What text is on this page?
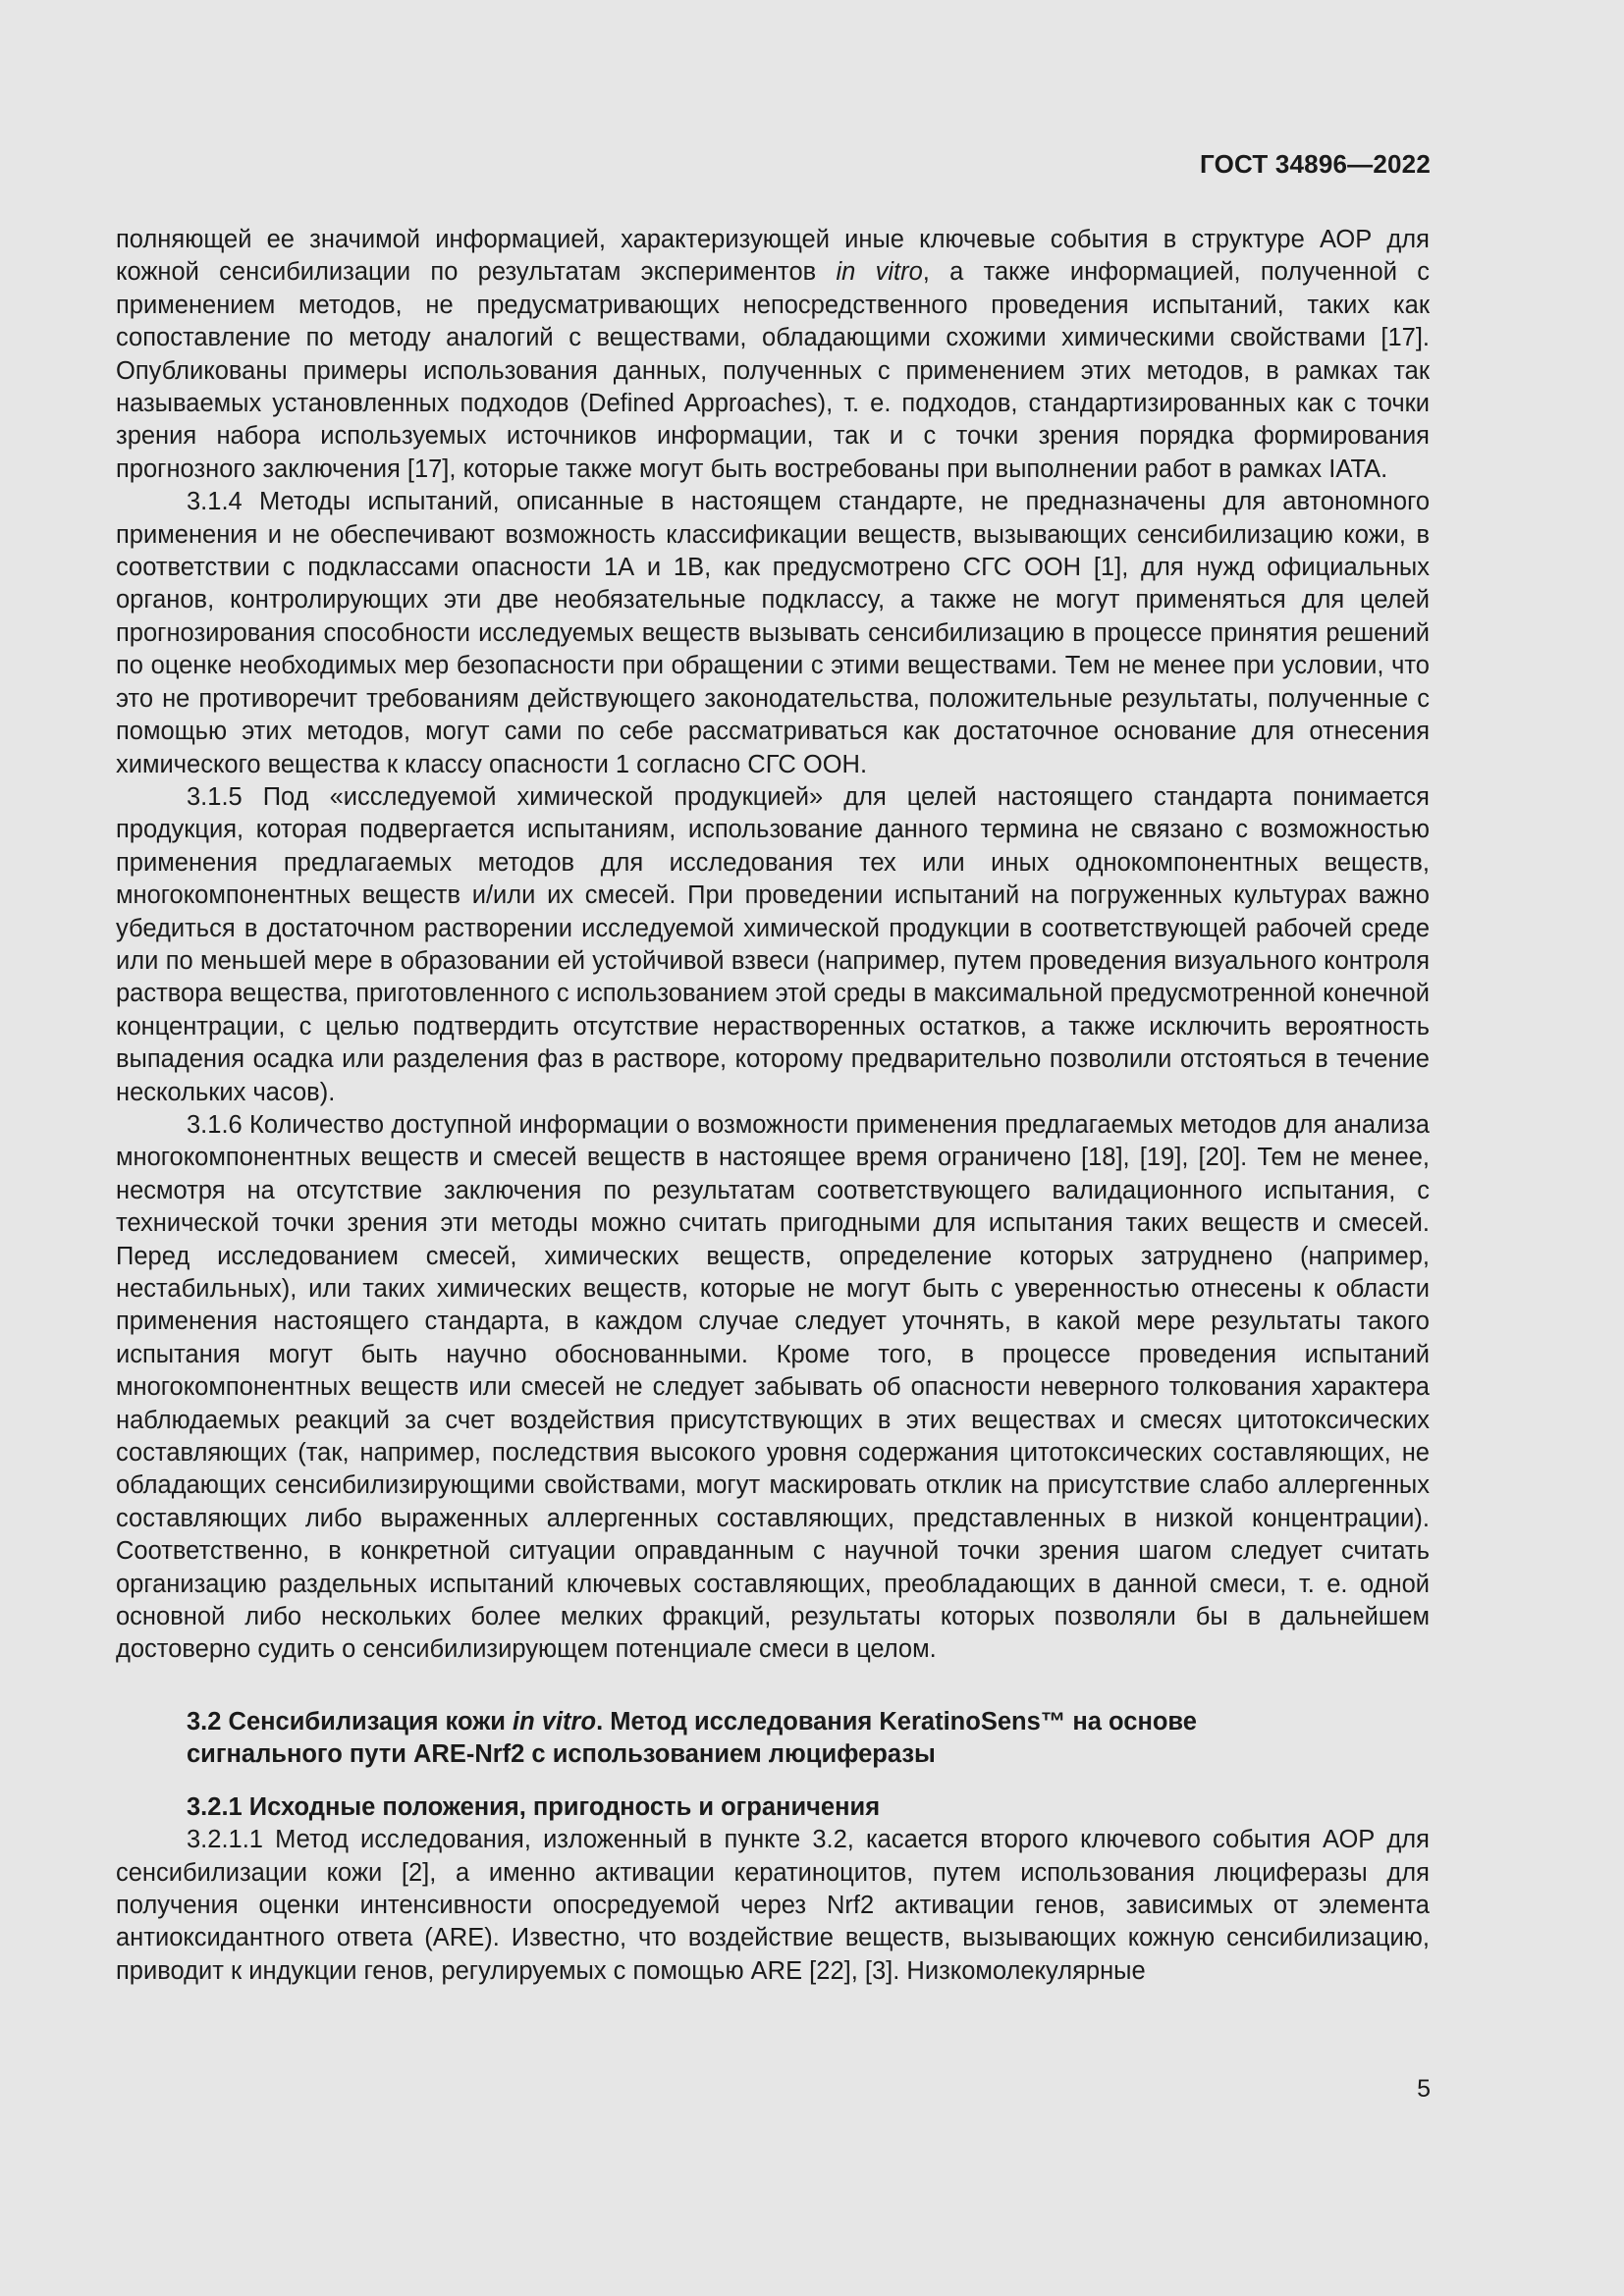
ГОСТ 34896—2022

полняющей ее значимой информацией, характеризующей иные ключевые события в структуре АОР для кожной сенсибилизации по результатам экспериментов in vitro, а также информацией, полученной с применением методов, не предусматривающих непосредственного проведения испытаний, таких как сопоставление по методу аналогий с веществами, обладающими схожими химическими свойствами [17]. Опубликованы примеры использования данных, полученных с применением этих методов, в рамках так называемых установленных подходов (Defined Approaches), т. е. подходов, стандартизированных как с точки зрения набора используемых источников информации, так и с точки зрения порядка формирования прогнозного заключения [17], которые также могут быть востребованы при выполнении работ в рамках IATA.

3.1.4 Методы испытаний, описанные в настоящем стандарте, не предназначены для автономного применения и не обеспечивают возможность классификации веществ, вызывающих сенсибилизацию кожи, в соответствии с подклассами опасности 1А и 1В, как предусмотрено СГС ООН [1], для нужд официальных органов, контролирующих эти две необязательные подклассу, а также не могут применяться для целей прогнозирования способности исследуемых веществ вызывать сенсибилизацию в процессе принятия решений по оценке необходимых мер безопасности при обращении с этими веществами. Тем не менее при условии, что это не противоречит требованиям действующего законодательства, положительные результаты, полученные с помощью этих методов, могут сами по себе рассматриваться как достаточное основание для отнесения химического вещества к классу опасности 1 согласно СГС ООН.

3.1.5 Под «исследуемой химической продукцией» для целей настоящего стандарта понимается продукция, которая подвергается испытаниям, использование данного термина не связано с возможностью применения предлагаемых методов для исследования тех или иных однокомпонентных веществ, многокомпонентных веществ и/или их смесей. При проведении испытаний на погруженных культурах важно убедиться в достаточном растворении исследуемой химической продукции в соответствующей рабочей среде или по меньшей мере в образовании ей устойчивой взвеси (например, путем проведения визуального контроля раствора вещества, приготовленного с использованием этой среды в максимальной предусмотренной конечной концентрации, с целью подтвердить отсутствие нерастворенных остатков, а также исключить вероятность выпадения осадка или разделения фаз в растворе, которому предварительно позволили отстояться в течение нескольких часов).

3.1.6 Количество доступной информации о возможности применения предлагаемых методов для анализа многокомпонентных веществ и смесей веществ в настоящее время ограничено [18], [19], [20]. Тем не менее, несмотря на отсутствие заключения по результатам соответствующего валидационного испытания, с технической точки зрения эти методы можно считать пригодными для испытания таких веществ и смесей. Перед исследованием смесей, химических веществ, определение которых затруднено (например, нестабильных), или таких химических веществ, которые не могут быть с уверенностью отнесены к области применения настоящего стандарта, в каждом случае следует уточнять, в какой мере результаты такого испытания могут быть научно обоснованными. Кроме того, в процессе проведения испытаний многокомпонентных веществ или смесей не следует забывать об опасности неверного толкования характера наблюдаемых реакций за счет воздействия присутствующих в этих веществах и смесях цитотоксических составляющих (так, например, последствия высокого уровня содержания цитотоксических составляющих, не обладающих сенсибилизирующими свойствами, могут маскировать отклик на присутствие слабо аллергенных составляющих либо выраженных аллергенных составляющих, представленных в низкой концентрации). Соответственно, в конкретной ситуации оправданным с научной точки зрения шагом следует считать организацию раздельных испытаний ключевых составляющих, преобладающих в данной смеси, т. е. одной основной либо нескольких более мелких фракций, результаты которых позволяли бы в дальнейшем достоверно судить о сенсибилизирующем потенциале смеси в целом.

3.2 Сенсибилизация кожи in vitro. Метод исследования KeratinoSens™ на основе сигнального пути ARE-Nrf2 с использованием люциферазы

3.2.1 Исходные положения, пригодность и ограничения

3.2.1.1 Метод исследования, изложенный в пункте 3.2, касается второго ключевого события АОР для сенсибилизации кожи [2], а именно активации кератиноцитов, путем использования люциферазы для получения оценки интенсивности опосредуемой через Nrf2 активации генов, зависимых от элемента антиоксидантного ответа (ARE). Известно, что воздействие веществ, вызывающих кожную сенсибилизацию, приводит к индукции генов, регулируемых с помощью ARE [22], [3]. Низкомолекулярные

5
